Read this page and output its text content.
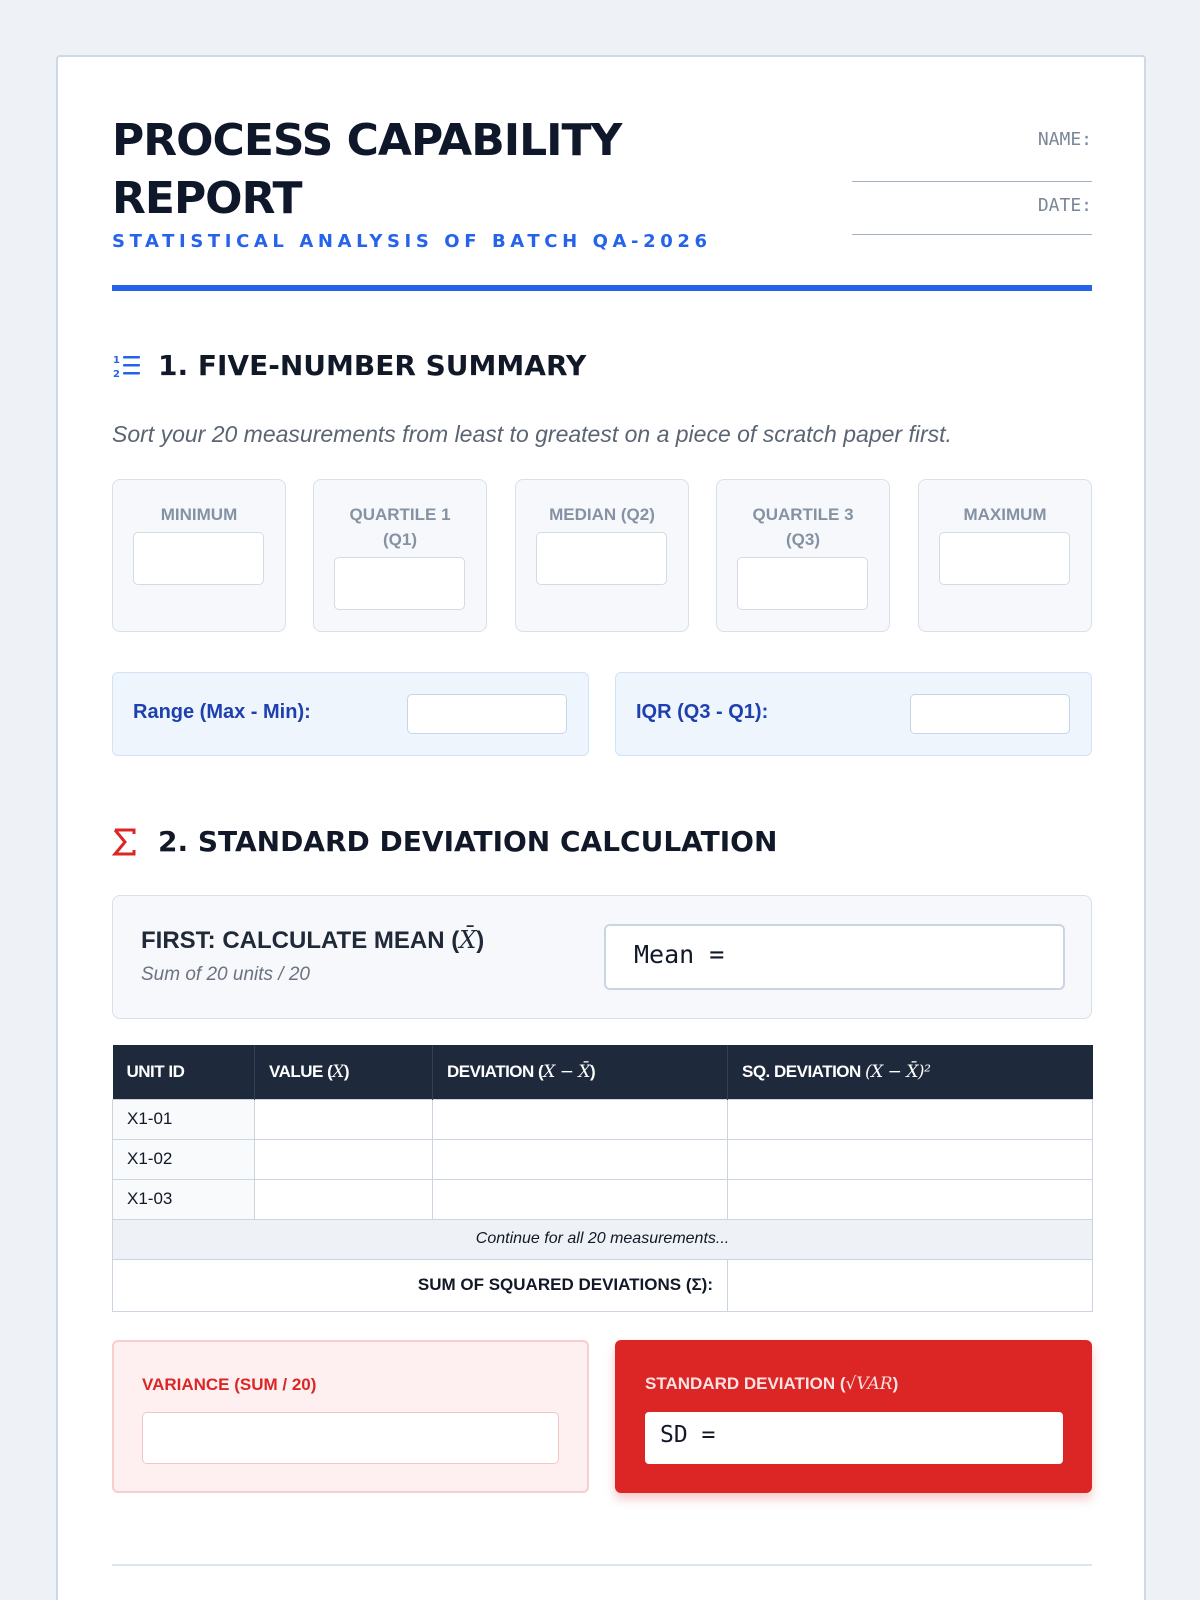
PROCESS CAPABILITY REPORT
STATISTICAL ANALYSIS OF BATCH QA-2026
NAME:
DATE:
1
2 1. FIVE-NUMBER SUMMARY
Sort your 20 measurements from least to greatest on a piece of scratch paper first.
MINIMUM	QUARTILE 1
(Q1)
MEDIAN (Q2)	QUARTILE 3
(Q3)
MAXIMUM
Range (Max - Min):	IQR (Q3 - Q1):
2. STANDARD DEVIATION CALCULATION
FIRST: CALCULATE MEAN (X̄)
Sum of 20 units / 20
Mean =
UNIT ID	VALUE (X)	DEVIATION (X − X̄)	SQ. DEVIATION (X − X̄)²
X1-01			
X1-02			
X1-03			
Continue for all 20 measurements...			
SUM OF SQUARED DEVIATIONS (Σ):			
VARIANCE (SUM / 20)	STANDARD DEVIATION (√VAR)
SD =
